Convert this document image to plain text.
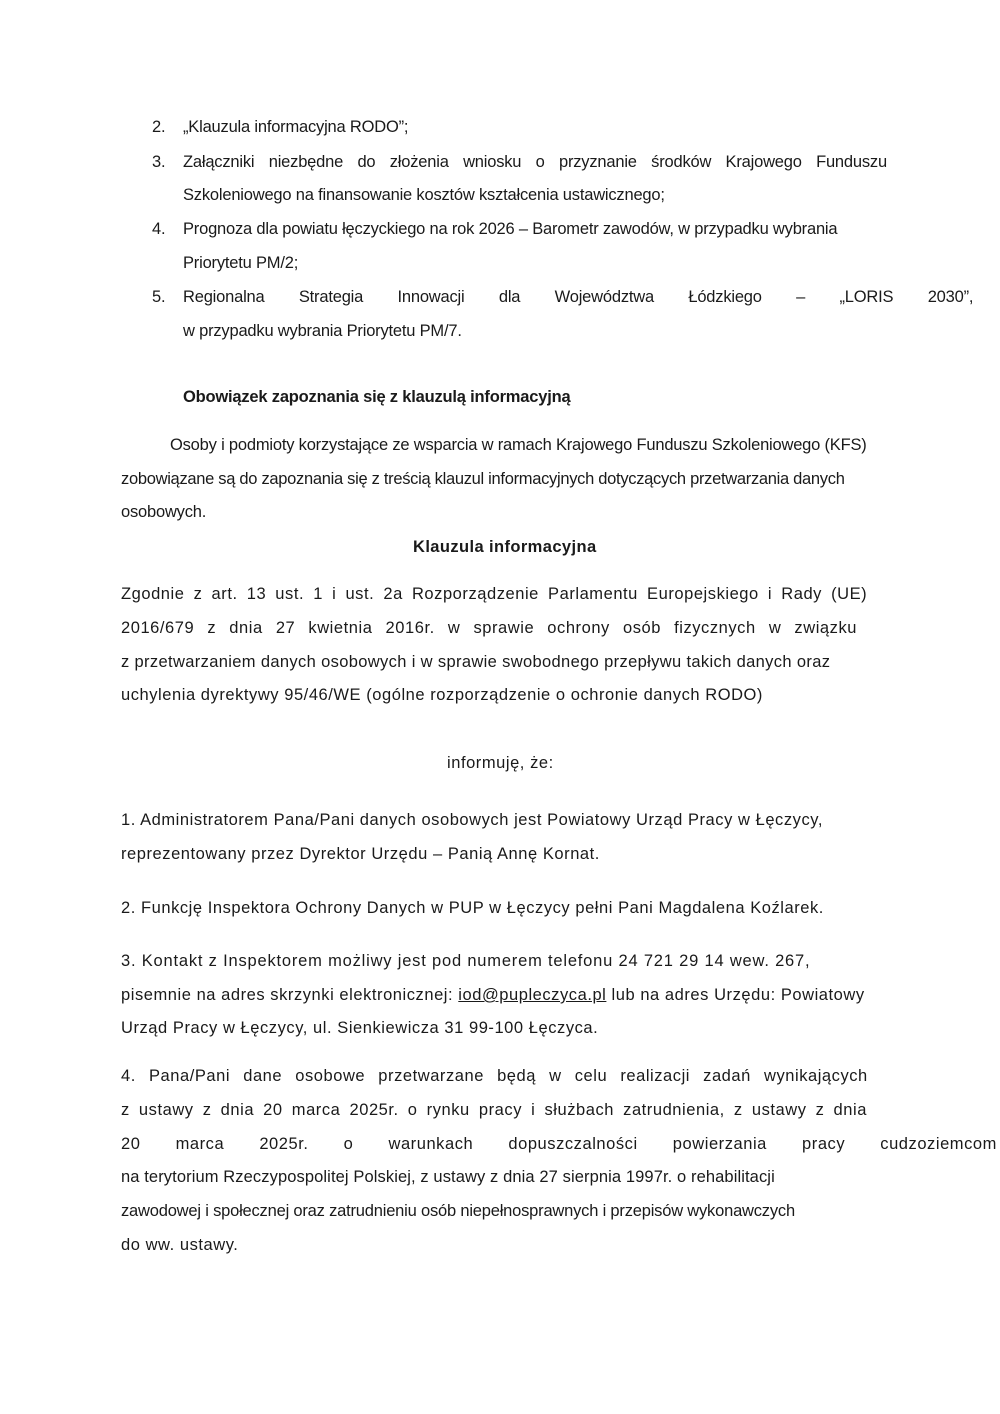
2. „Klauzula informacyjna RODO”;
3. Załączniki niezbędne do złożenia wniosku o przyznanie środków Krajowego Funduszu
Szkoleniowego na finansowanie kosztów kształcenia ustawicznego;
4. Prognoza dla powiatu łęczyckiego na rok 2026 – Barometr zawodów, w przypadku wybrania
Priorytetu PM/2;
5. Regionalna Strategia Innowacji dla Województwa Łódzkiego – „LORIS 2030”,
w przypadku wybrania Priorytetu PM/7.
Obowiązek zapoznania się z klauzulą informacyjną
Osoby i podmioty korzystające ze wsparcia w ramach Krajowego Funduszu Szkoleniowego (KFS)
zobowiązane są do zapoznania się z treścią klauzul informacyjnych dotyczących przetwarzania danych
osobowych.
Klauzula informacyjna
Zgodnie z art. 13 ust. 1 i ust. 2a Rozporządzenie Parlamentu Europejskiego i Rady (UE)
2016/679 z dnia 27 kwietnia 2016r. w sprawie ochrony osób fizycznych w związku
z przetwarzaniem danych osobowych i w sprawie swobodnego przepływu takich danych oraz
uchylenia dyrektywy 95/46/WE (ogólne rozporządzenie o ochronie danych RODO)
informuję, że:
1. Administratorem Pana/Pani danych osobowych jest Powiatowy Urząd Pracy w Łęczycy,
reprezentowany przez Dyrektor Urzędu – Panią Annę Kornat.
2. Funkcję Inspektora Ochrony Danych w PUP w Łęczycy pełni Pani Magdalena Koźlarek.
3. Kontakt z Inspektorem możliwy jest pod numerem telefonu 24 721 29 14 wew. 267,
pisemnie na adres skrzynki elektronicznej: iod@pupleczyca.pl lub na adres Urzędu: Powiatowy
Urząd Pracy w Łęczycy, ul. Sienkiewicza 31 99-100 Łęczyca.
4. Pana/Pani dane osobowe przetwarzane będą w celu realizacji zadań wynikających
z ustawy z dnia 20 marca 2025r. o rynku pracy i służbach zatrudnienia, z ustawy z dnia
20 marca 2025r. o warunkach dopuszczalności powierzania pracy cudzoziemcom
na terytorium Rzeczypospolitej Polskiej, z ustawy z dnia 27 sierpnia 1997r. o rehabilitacji
zawodowej i społecznej oraz zatrudnieniu osób niepełnosprawnych i przepisów wykonawczych
do ww. ustawy.
